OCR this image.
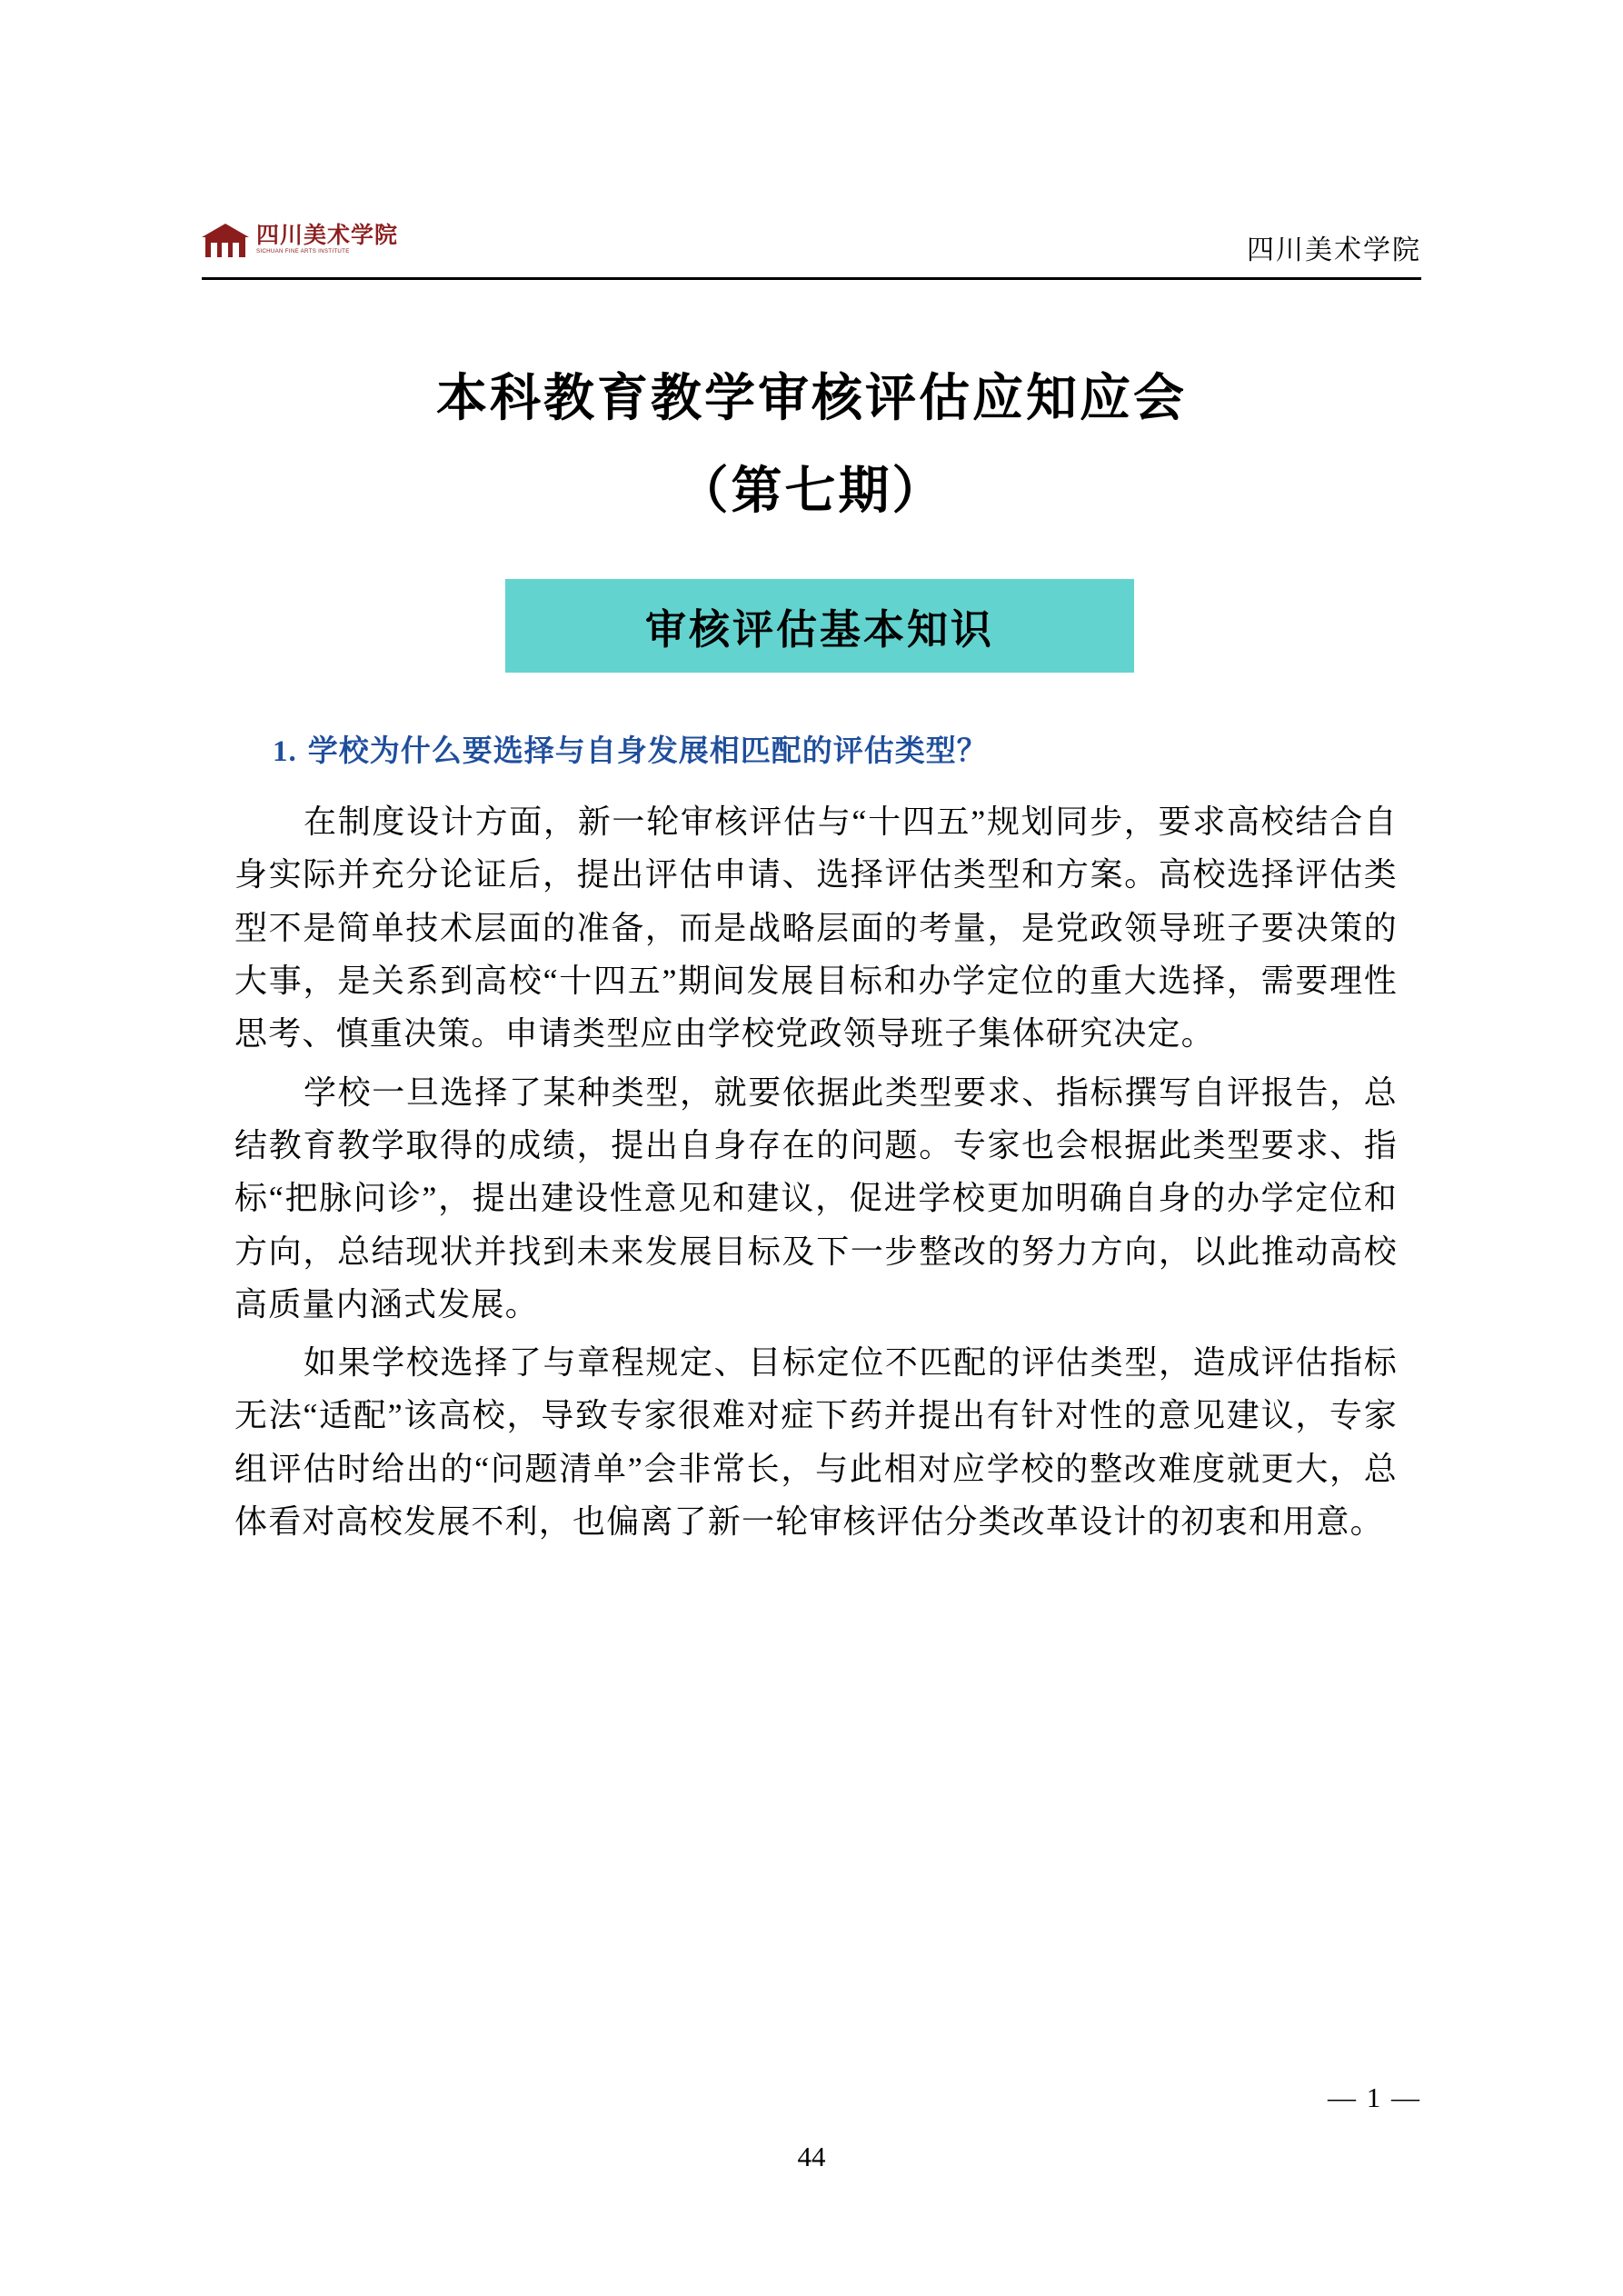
四川美术学院
SICHUAN FINE ARTS INSTITUTE	四川美术学院
本科教育教学审核评估应知应会
（第七期）
审核评估基本知识
1. 学校为什么要选择与自身发展相匹配的评估类型？

在制度设计方面，新一轮审核评估与“十四五”规划同步，要求高校结合自身实际并充分论证后，提出评估申请、选择评估类型和方案。高校选择评估类型不是简单技术层面的准备，而是战略层面的考量，是党政领导班子要决策的大事，是关系到高校“十四五”期间发展目标和办学定位的重大选择，需要理性思考、慎重决策。申请类型应由学校党政领导班子集体研究决定。

学校一旦选择了某种类型，就要依据此类型要求、指标撰写自评报告，总结教育教学取得的成绩，提出自身存在的问题。专家也会根据此类型要求、指标“把脉问诊”，提出建设性意见和建议，促进学校更加明确自身的办学定位和方向，总结现状并找到未来发展目标及下一步整改的努力方向，以此推动高校高质量内涵式发展。

如果学校选择了与章程规定、目标定位不匹配的评估类型，造成评估指标无法“适配”该高校，导致专家很难对症下药并提出有针对性的意见建议，专家组评估时给出的“问题清单”会非常长，与此相对应学校的整改难度就更大，总体看对高校发展不利，也偏离了新一轮审核评估分类改革设计的初衷和用意。

— 1 —
44
